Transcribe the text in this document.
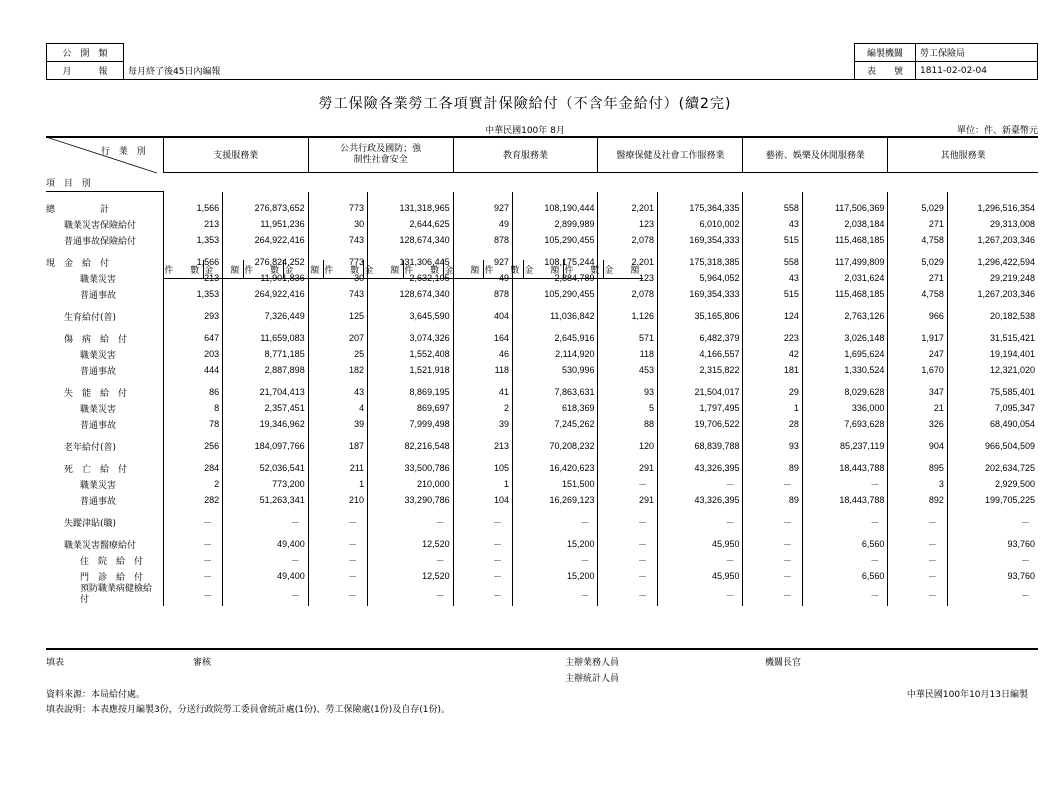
公　開　類	
月　　　報	每月終了後45日內編報
編製機關	勞工保險局
表　　號	1811-02-02-04
勞工保險各業勞工各項實計保險給付（不含年金給付）(續2完)
中華民國100年 8月	單位：件、新臺幣元
行 業 別
項 目 別	支援服務業	公共行政及國防；強制性社會安全	教育服務業	醫療保健及社會工作服務業	藝術、娛樂及休閒服務業	其他服務業

件　數	金　額	件　數	金　額	件　數	金　額	件　數	金　額	件　數	金　額	件　數	金　額

總　　　　　計	1,566	276,873,652	773	131,318,965	927	108,190,444	2,201	175,364,335	558	117,506,369	5,029	1,296,516,354
職業災害保險給付	213	11,951,236	30	2,644,625	49	2,899,989	123	6,010,002	43	2,038,184	271	29,313,008
普通事故保險給付	1,353	264,922,416	743	128,674,340	878	105,290,455	2,078	169,354,333	515	115,468,185	4,758	1,267,203,346

現　金　給　付	1,566	276,824,252	773	131,306,445	927	108,175,244	2,201	175,318,385	558	117,499,809	5,029	1,296,422,594
職業災害	213	11,901,836	30	2,632,105	49	2,884,789	123	5,964,052	43	2,031,624	271	29,219,248
普通事故	1,353	264,922,416	743	128,674,340	878	105,290,455	2,078	169,354,333	515	115,468,185	4,758	1,267,203,346

生育給付(普)	293	7,326,449	125	3,645,590	404	11,036,842	1,126	35,165,806	124	2,763,126	966	20,182,538

傷　病　給　付	647	11,659,083	207	3,074,326	164	2,645,916	571	6,482,379	223	3,026,148	1,917	31,515,421
職業災害	203	8,771,185	25	1,552,408	46	2,114,920	118	4,166,557	42	1,695,624	247	19,194,401
普通事故	444	2,887,898	182	1,521,918	118	530,996	453	2,315,822	181	1,330,524	1,670	12,321,020

失　能　給　付	86	21,704,413	43	8,869,195	41	7,863,631	93	21,504,017	29	8,029,628	347	75,585,401
職業災害	8	2,357,451	4	869,697	2	618,369	5	1,797,495	1	336,000	21	7,095,347
普通事故	78	19,346,962	39	7,999,498	39	7,245,262	88	19,706,522	28	7,693,628	326	68,490,054

老年給付(普)	256	184,097,766	187	82,216,548	213	70,208,232	120	68,839,788	93	85,237,119	904	966,504,509

死　亡　給　付	284	52,036,541	211	33,500,786	105	16,420,623	291	43,326,395	89	18,443,788	895	202,634,725
職業災害	2	773,200	1	210,000	1	151,500	－	－	－	－	3	2,929,500
普通事故	282	51,263,341	210	33,290,786	104	16,269,123	291	43,326,395	89	18,443,788	892	199,705,225

失蹤津貼(職)	－	－	－	－	－	－	－	－	－	－	－	－

職業災害醫療給付	－	49,400	－	12,520	－	15,200	－	45,950	－	6,560	－	93,760
住　院　給　付	－	－	－	－	－	－	－	－	－	－	－	－
門　診　給　付	－	49,400	－	12,520	－	15,200	－	45,950	－	6,560	－	93,760
預防職業病健檢給付	－	－	－	－	－	－	－	－	－	－	－	－
填表	審核	主辦業務人員	機關長官
主辦統計人員
資料來源：本局給付處。	中華民國100年10月13日編製
填表說明：本表應按月編製3份，分送行政院勞工委員會統計處(1份)、勞工保險處(1份)及自存(1份)。
